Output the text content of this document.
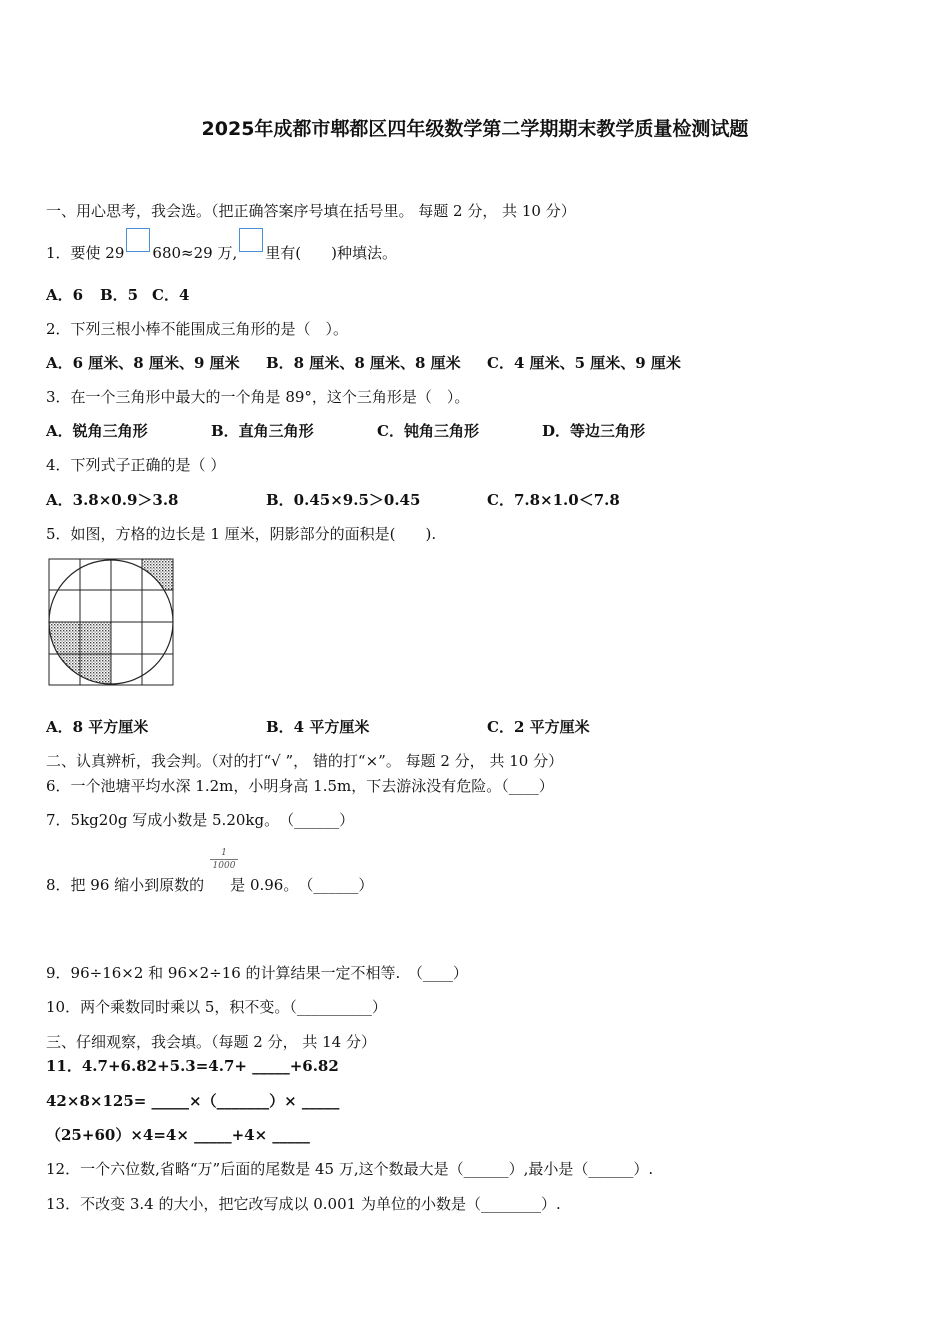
2025年成都市郫都区四年级数学第二学期期末教学质量检测试题
一、用心思考，我会选。（把正确答案序号填在括号里。 每题 2 分， 共 10 分）
1．要使 29 680≈29 万, 里有(　　)种填法。
A．6 B．5 C．4
2．下列三根小棒不能围成三角形的是（　）。
A．6 厘米、8 厘米、9 厘米 B．8 厘米、8 厘米、8 厘米 C．4 厘米、5 厘米、9 厘米
3．在一个三角形中最大的一个角是 89°，这个三角形是（　）。
A．锐角三角形	B．直角三角形	C．钝角三角形	D．等边三角形
4．下列式子正确的是（ ）
A．3.8×0.9＞3.8	B．0.45×9.5＞0.45	C．7.8×1.0＜7.8
5．如图，方格的边长是 1 厘米，阴影部分的面积是(　　).
A．8 平方厘米	B．4 平方厘米	C．2 平方厘米
二、认真辨析，我会判。（对的打“√ ”， 错的打“×”。 每题 2 分， 共 10 分）
6．一个池塘平均水深 1.2m，小明身高 1.5m，下去游泳没有危险。（____）
7．5kg20g 写成小数是 5.20kg。　（______）
$\frac{1}{1000}$
8．把 96 缩小到原数的 是 0.96。　（______）
9．96÷16×2 和 96×2÷16 的计算结果一定不相等.　（____）
10．两个乘数同时乘以 5，积不变。（__________）
三、仔细观察，我会填。（每题 2 分， 共 14 分）
11．4.7+6.82+5.3=4.7+ _____+6.82
42×8×125= _____×（_______）× _____
（25+60）×4=4× _____+4× _____
12．一个六位数,省略“万”后面的尾数是 45 万,这个数最大是（______）,最小是（______）.
13．不改变 3.4 的大小，把它改写成以 0.001 为单位的小数是（________）.
